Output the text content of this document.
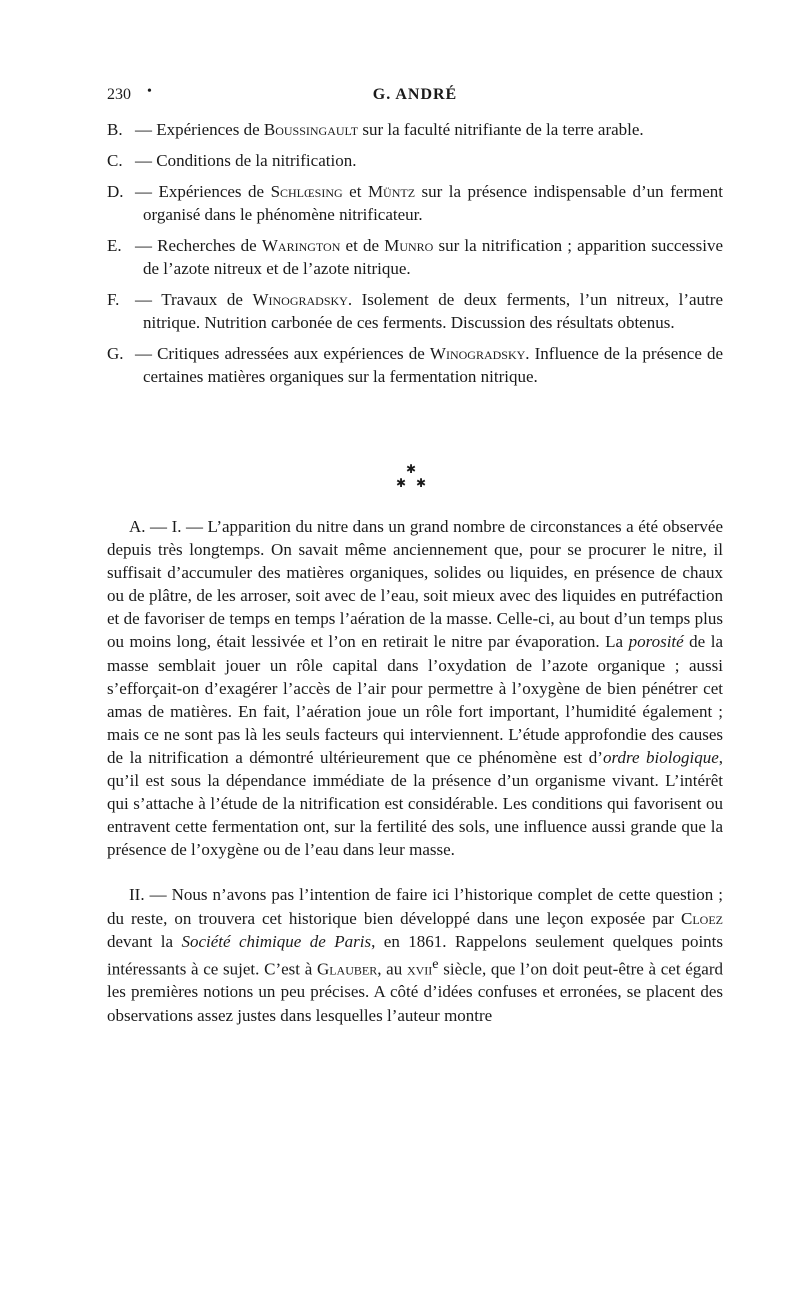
230 •	G. ANDRÉ

B. — Expériences de Boussingault sur la faculté nitrifiante de la terre arable.

C. — Conditions de la nitrification.

D. — Expériences de Schlœsing et Müntz sur la présence indispensable d’un ferment organisé dans le phénomène nitrificateur.

E. — Recherches de Warington et de Munro sur la nitrification ; apparition successive de l’azote nitreux et de l’azote nitrique.

F. — Travaux de Winogradsky. Isolement de deux ferments, l’un nitreux, l’autre nitrique. Nutrition carbonée de ces ferments. Discussion des résultats obtenus.

G. — Critiques adressées aux expériences de Winogradsky. Influence de la présence de certaines matières organiques sur la fermentation nitrique.

✱
✱ ✱

A. — I. — L’apparition du nitre dans un grand nombre de circonstances a été observée depuis très longtemps. On savait même anciennement que, pour se procurer le nitre, il suffisait d’accumuler des matières organiques, solides ou liquides, en présence de chaux ou de plâtre, de les arroser, soit avec de l’eau, soit mieux avec des liquides en putréfaction et de favoriser de temps en temps l’aération de la masse. Celle-ci, au bout d’un temps plus ou moins long, était lessivée et l’on en retirait le nitre par évaporation. La porosité de la masse semblait jouer un rôle capital dans l’oxydation de l’azote organique ; aussi s’efforçait-on d’exagérer l’accès de l’air pour permettre à l’oxygène de bien pénétrer cet amas de matières. En fait, l’aération joue un rôle fort important, l’humidité également ; mais ce ne sont pas là les seuls facteurs qui interviennent. L’étude approfondie des causes de la nitrification a démontré ultérieurement que ce phénomène est d’ordre biologique, qu’il est sous la dépendance immédiate de la présence d’un organisme vivant. L’intérêt qui s’attache à l’étude de la nitrification est considérable. Les conditions qui favorisent ou entravent cette fermentation ont, sur la fertilité des sols, une influence aussi grande que la présence de l’oxygène ou de l’eau dans leur masse.

II. — Nous n’avons pas l’intention de faire ici l’historique complet de cette question ; du reste, on trouvera cet historique bien développé dans une leçon exposée par Cloez devant la Société chimique de Paris, en 1861. Rappelons seulement quelques points intéressants à ce sujet. C’est à Glauber, au xvii$^e$ siècle, que l’on doit peut-être à cet égard les premières notions un peu précises. A côté d’idées confuses et erronées, se placent des observations assez justes dans lesquelles l’auteur montre
